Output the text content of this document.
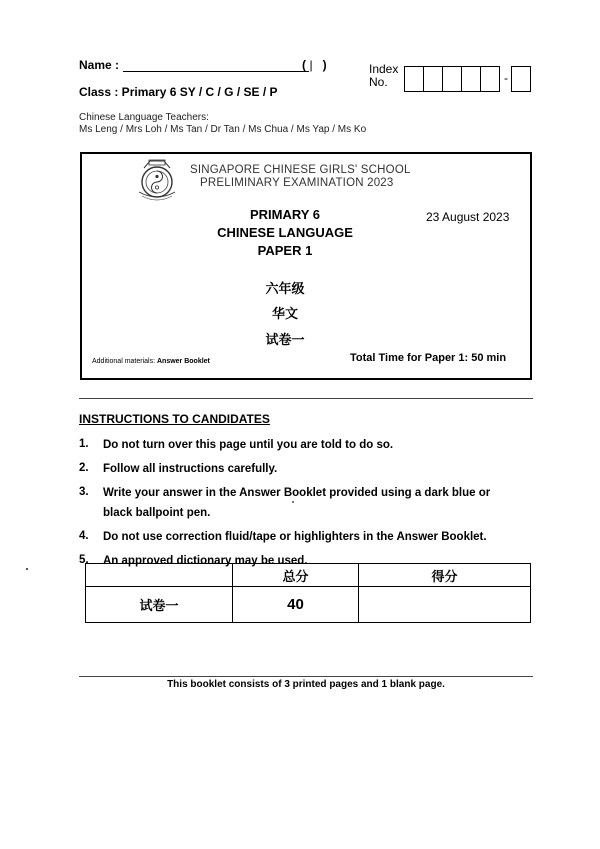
Name :	( | )
Class : Primary 6 SY / C / G / SE / P
Index
No.	-
Chinese Language Teachers:
Ms Leng / Mrs Loh / Ms Tan / Dr Tan / Ms Chua / Ms Yap / Ms Ko
SINGAPORE CHINESE GIRLS' SCHOOL
PRELIMINARY EXAMINATION 2023
PRIMARY 6
CHINESE LANGUAGE
PAPER 1
23 August 2023
六年级
华文
试卷一
Additional materials: Answer Booklet	Total Time for Paper 1: 50 min
INSTRUCTIONS TO CANDIDATES
1.	Do not turn over this page until you are told to do so.
2.	Follow all instructions carefully.
3.	Write your answer in the Answer Booklet provided using a dark blue or black ballpoint pen.
4.	Do not use correction fluid/tape or highlighters in the Answer Booklet.
5.	An approved dictionary may be used.
	总分	得分
试卷一	40	
This booklet consists of 3 printed pages and 1 blank page.
